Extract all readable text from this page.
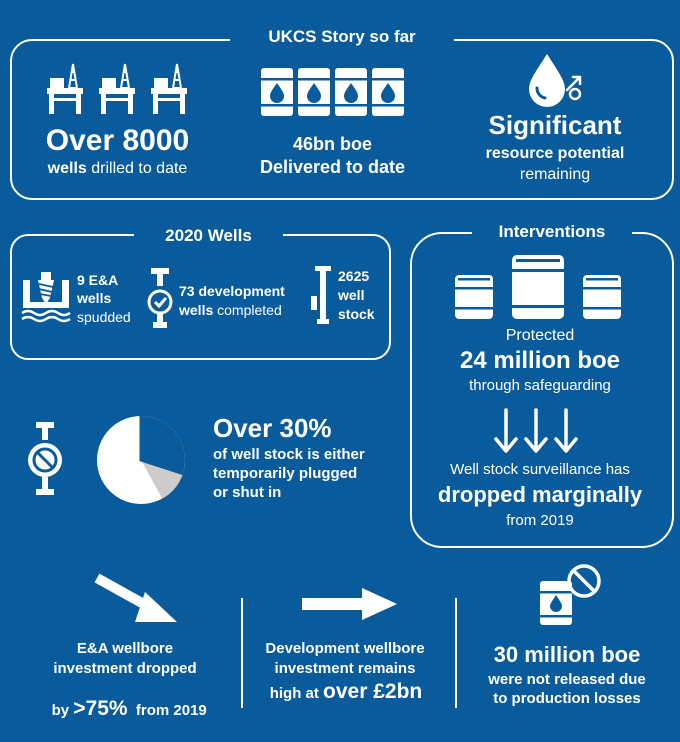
UKCS Story so far
Over 8000
wells drilled to date
46bn boe
Delivered to date
Significant
resource potential
remaining
2020 Wells
9 E&A
wells
spudded
73 development
wells completed
2625
well
stock
Interventions
Protected
24 million boe
through safeguarding
Well stock surveillance has
dropped marginally
from 2019
Over 30%
of well stock is either
temporarily plugged
or shut in
E&A wellbore
investment dropped

by >75%  from 2019

Development wellbore
investment remains
high at over £2bn
30 million boe
were not released due
to production losses
